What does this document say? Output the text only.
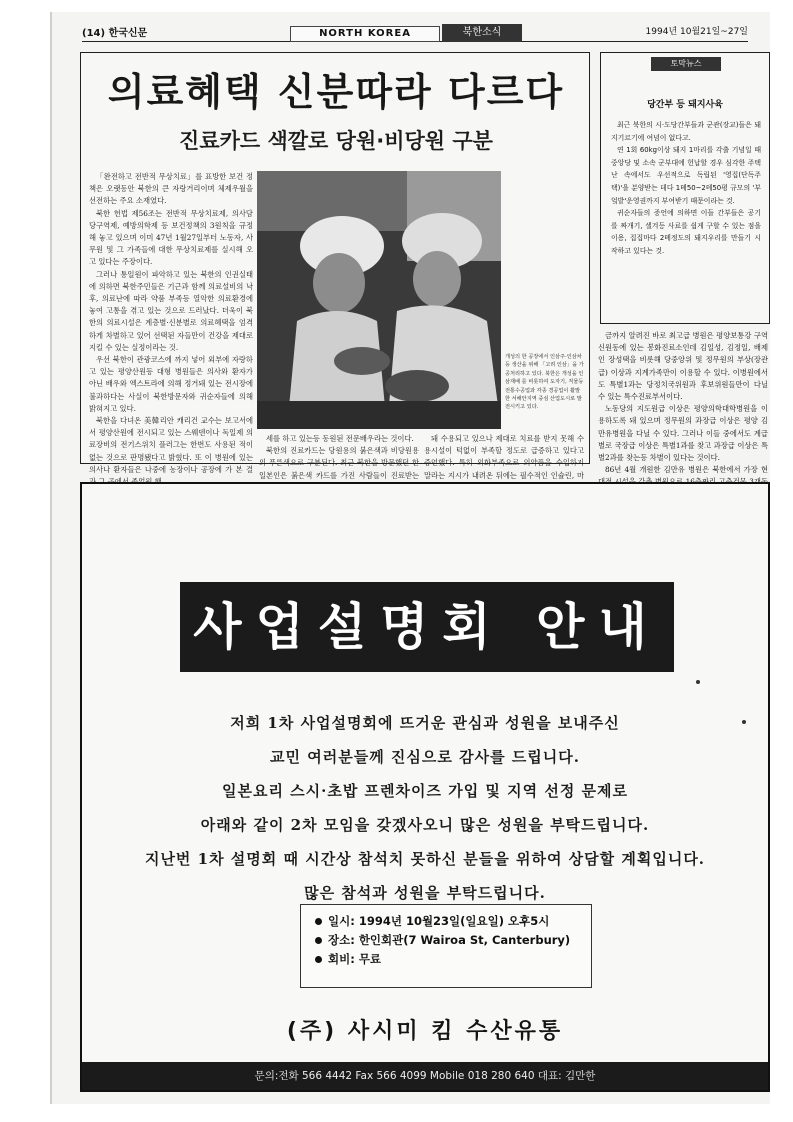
(14) 한국신문	NORTH KOREA	북한소식	1994년 10월21일~27일
의료혜택 신분따라 다르다
진료카드 색깔로 당원·비당원 구분

「완전하고 전반적 무상치료」를 표방한 보건 정책은 오랫동안 북한의 큰 자랑거리이며 체제우월을 선전하는 주요 소재였다.

북한 헌법 제56조는 전반적 무상치료제, 의사담당구역제, 예방의학제 등 보건정책의 3원칙을 규정해 놓고 있으며 이미 47년 1월27일부터 노동자, 사무원 및 그 가족들에 대한 무상치료제를 실시해 오고 있다는 주장이다.

그러나 통일원이 파악하고 있는 북한의 인권실태에 의하면 북한주민들은 기근과 함께 의료설비의 낙후, 의료난에 따라 약품 부족등 열악한 의료환경에 놓여 고통을 겪고 있는 것으로 드러났다. 더욱이 북한의 의료시설은 계층별·신분별로 의료혜택을 엄격하게 차별하고 있어 선택된 자들만이 건강을 제대로 지킬 수 있는 실정이라는 것.

우선 북한이 관광코스에 까지 넣어 외부에 자랑하고 있는 평양산원등 대형 병원들은 의사와 환자가 아닌 배우와 엑스트라에 의해 정거돼 있는 전시장에 불과하다는 사실이 북한방문자와 귀순자들에 의해 밝혀지고 있다.

북한을 다녀온 美韓리안 캐리건 교수는 보고서에서 평양산원에 전시되고 있는 스웨덴이나 독일제 의료장비의 전기스위치 플러그는 한번도 사용된 적이 없는 것으로 판명됐다고 밝혔다. 또 이 병원에 있는 의사나 환자들은 나중에 농장이나 공장에 가 본 결

개성의 한 공장에서 인삼주·인삼차 등 생산을 위해 「고려 인삼」을 가공처리하고 있다. 북한은 개성을 인삼재배 를 비롯하여 도자기, 직물등 전통수공업과 각종 경공업이 활발한 서해안지역 중심 산업도시로 발전시키고 있다.

세를 하고 있는등 동원된 전문배우라는 것이다.

북한의 진료카드는 당원용의 붉은색과 비당원용의 푸른색으로 구분된다. 최근 북한을 방문했던 한 일본인은 붉은색 카드를 가진 사람들이 진료받는

돼 수용되고 있으나 제대로 치료를 받지 못해 수용시설이 턱없이 부족할 정도로 급증하고 있다고 증언했다. 특히 외화부족으로 의약품을 수입하지 말라는 지시가 내려온 뒤에는 필수적인 인슐린, 마

토막뉴스
당간부 등 돼지사육

최근 북한의 시·도당간부들과 군관(장교)들은 돼지기르기에 여념이 없다고.

연 1회 60kg이상 돼지 1마리를 각출 기념일 때 중앙당 및 소속 군부대에 헌납할 경우 심각한 주택난 속에서도 우선적으로 독립된 '영집(단독주택)'을 분양받는 데다 1톄50~2톄50평 규모의 '부엌밭'운영권까지 부여받기 때문이라는 것.

귀순자들의 증언에 의하면 이들 간부들은 공기를 짜개기, 셀겨등 사료를 쉽게 구할 수 있는 점을 이용, 집집마다 2톄정도의 돼지우리를 만들기 시작하고 있다는 것.

금까지 알려진 바로 최고급 병원은 평양보통강 구역 신원동에 있는 봉화진료소인데 김일성, 김정일, 배제인 장성택을 비롯해 당중앙위 및 정무원의 부상(장관급) 이상과 지계가족만이 이용할 수 있다. 이병원에서도 특별1과는 당정치국위원과 후보위원들만이 다닐 수 있는 특수진료부서이다.

노동당의 지도원급 이상은 평양의학대학병원을 이용하도록 돼 있으며 정무원의 과장급 이상은 평양 김만유병원을 다닐 수 있다. 그러나 이들 중에서도 계급별로 국장급 이상은 특별1과를 찾고 과장급 이상은 특별2과를 찾는등 차별이 있다는 것이다.

86년 4월 개원한 김만유 병원은 북한에서 가장 현

사업설명회 안내
저희 1차 사업설명회에 뜨거운 관심과 성원을 보내주신
교민 여러분들께 진심으로 감사를 드립니다.
일본요리 스시·초밥 프렌차이즈 가입 및 지역 선정 문제로
아래와 같이 2차 모임을 갖겠사오니 많은 성원을 부탁드립니다.
지난번 1차 설명회 때 시간상 참석치 못하신 분들을 위하여 상담할 계획입니다.
많은 참석과 성원을 부탁드립니다.
일시: 1994년 10월23일(일요일) 오후5시
장소: 한인회관(7 Wairoa St, Canterbury)
회비: 무료
(주) 사시미 킴 수산유통
문의:전화 566 4442 Fax 566 4099 Mobile 018 280 640 대표: 김만한
